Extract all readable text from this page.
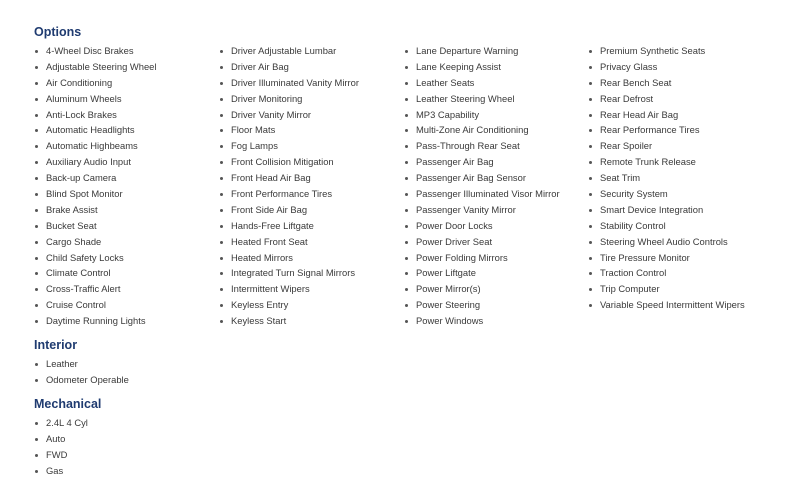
Options
4-Wheel Disc Brakes
Adjustable Steering Wheel
Air Conditioning
Aluminum Wheels
Anti-Lock Brakes
Automatic Headlights
Automatic Highbeams
Auxiliary Audio Input
Back-up Camera
Blind Spot Monitor
Brake Assist
Bucket Seat
Cargo Shade
Child Safety Locks
Climate Control
Cross-Traffic Alert
Cruise Control
Daytime Running Lights
Driver Adjustable Lumbar
Driver Air Bag
Driver Illuminated Vanity Mirror
Driver Monitoring
Driver Vanity Mirror
Floor Mats
Fog Lamps
Front Collision Mitigation
Front Head Air Bag
Front Performance Tires
Front Side Air Bag
Hands-Free Liftgate
Heated Front Seat
Heated Mirrors
Integrated Turn Signal Mirrors
Intermittent Wipers
Keyless Entry
Keyless Start
Lane Departure Warning
Lane Keeping Assist
Leather Seats
Leather Steering Wheel
MP3 Capability
Multi-Zone Air Conditioning
Pass-Through Rear Seat
Passenger Air Bag
Passenger Air Bag Sensor
Passenger Illuminated Visor Mirror
Passenger Vanity Mirror
Power Door Locks
Power Driver Seat
Power Folding Mirrors
Power Liftgate
Power Mirror(s)
Power Steering
Power Windows
Premium Synthetic Seats
Privacy Glass
Rear Bench Seat
Rear Defrost
Rear Head Air Bag
Rear Performance Tires
Rear Spoiler
Remote Trunk Release
Seat Trim
Security System
Smart Device Integration
Stability Control
Steering Wheel Audio Controls
Tire Pressure Monitor
Traction Control
Trip Computer
Variable Speed Intermittent Wipers
Interior
Leather
Odometer Operable
Mechanical
2.4L 4 Cyl
Auto
FWD
Gas
